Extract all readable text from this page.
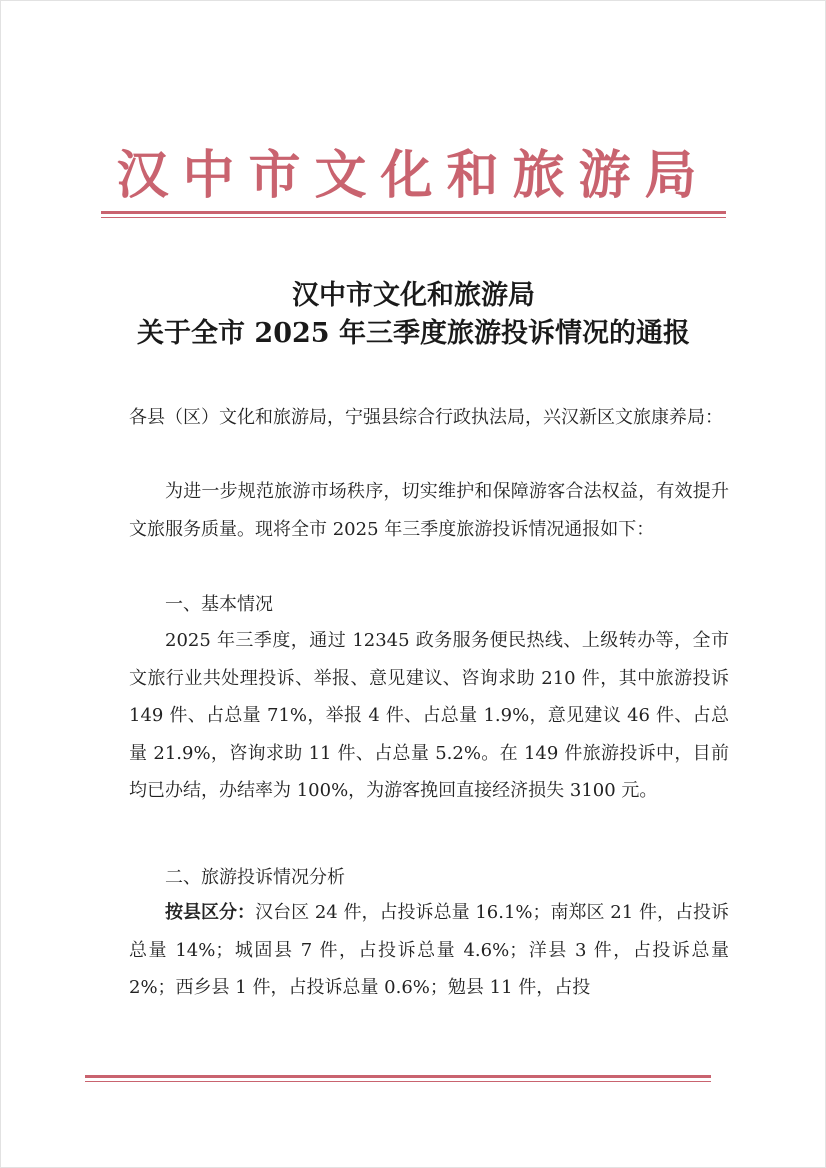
汉中市文化和旅游局
汉中市文化和旅游局
关于全市 2025 年三季度旅游投诉情况的通报
各县（区）文化和旅游局，宁强县综合行政执法局，兴汉新区文旅康养局：
为进一步规范旅游市场秩序，切实维护和保障游客合法权益，有效提升文旅服务质量。现将全市 2025 年三季度旅游投诉情况通报如下：
一、基本情况
2025 年三季度，通过 12345 政务服务便民热线、上级转办等，全市文旅行业共处理投诉、举报、意见建议、咨询求助 210 件，其中旅游投诉 149 件、占总量 71%，举报 4 件、占总量 1.9%，意见建议 46 件、占总量 21.9%，咨询求助 11 件、占总量 5.2%。在 149 件旅游投诉中，目前均已办结，办结率为 100%，为游客挽回直接经济损失 3100 元。
二、旅游投诉情况分析
按县区分：汉台区 24 件，占投诉总量 16.1%；南郑区 21 件，占投诉总量 14%；城固县 7 件，占投诉总量 4.6%；洋县 3 件，占投诉总量 2%；西乡县 1 件，占投诉总量 0.6%；勉县 11 件，占投
